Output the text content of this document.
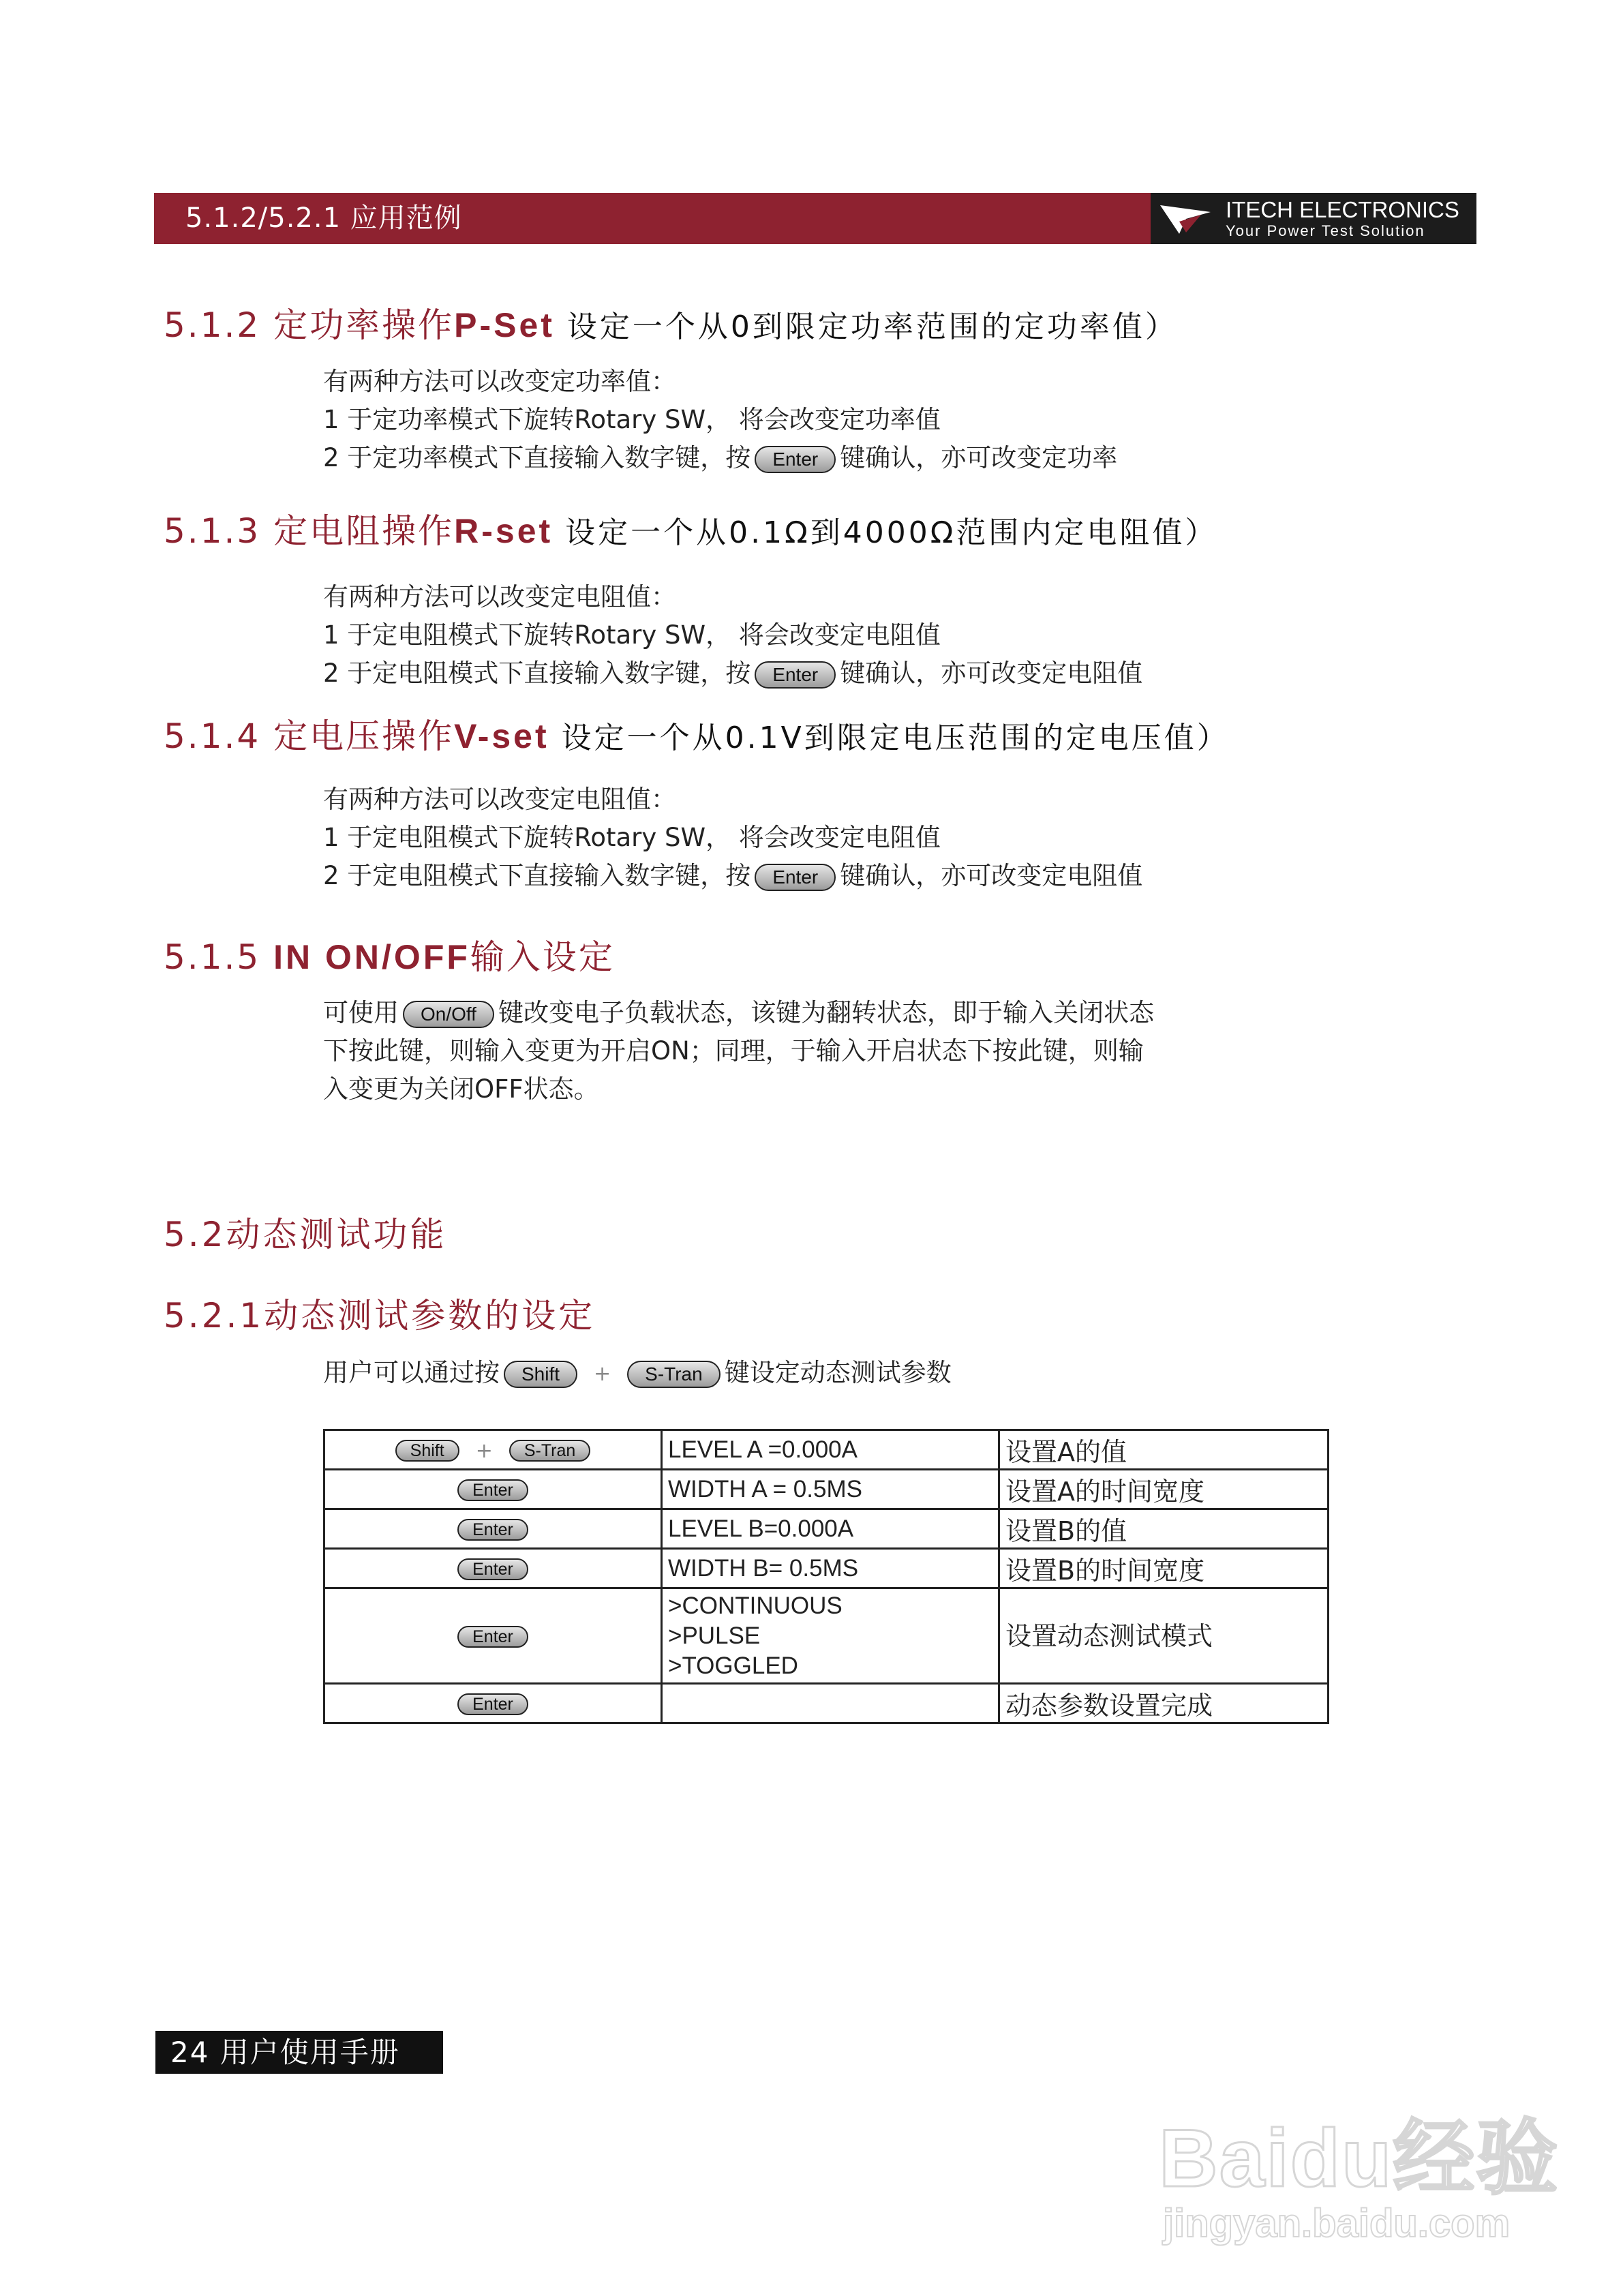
5.1.2/5.2.1 应用范例	ITECH ELECTRONICS
Your Power Test Solution
5.1.2 定功率操作P-Set 设定一个从0到限定功率范围的定功率值）
有两种方法可以改变定功率值：
1 于定功率模式下旋转Rotary SW， 将会改变定功率值
2 于定功率模式下直接输入数字键，按 Enter 键确认，亦可改变定功率
5.1.3 定电阻操作R-set 设定一个从0.1Ω到4000Ω范围内定电阻值）
有两种方法可以改变定电阻值：
1 于定电阻模式下旋转Rotary SW， 将会改变定电阻值
2 于定电阻模式下直接输入数字键，按 Enter 键确认，亦可改变定电阻值
5.1.4 定电压操作V-set 设定一个从0.1V到限定电压范围的定电压值）
有两种方法可以改变定电阻值：
1 于定电阻模式下旋转Rotary SW， 将会改变定电阻值
2 于定电阻模式下直接输入数字键，按 Enter 键确认，亦可改变定电阻值
5.1.5 IN ON/OFF输入设定
可使用 On/Off 键改变电子负载状态，该键为翻转状态，即于输入关闭状态
下按此键，则输入变更为开启ON；同理，于输入开启状态下按此键，则输
入变更为关闭OFF状态。
5.2动态测试功能
5.2.1动态测试参数的设定
用户可以通过按 Shift + S-Tran 键设定动态测试参数
Shift + S-Tran	LEVEL A =0.000A	设置A的值
Enter	WIDTH A = 0.5MS	设置A的时间宽度
Enter	LEVEL B=0.000A	设置B的值
Enter	WIDTH B= 0.5MS	设置B的时间宽度
Enter	>CONTINUOUS
>PULSE
>TOGGLED	设置动态测试模式
Enter		动态参数设置完成
24 用户使用手册
Baidu经验
jingyan.baidu.com
